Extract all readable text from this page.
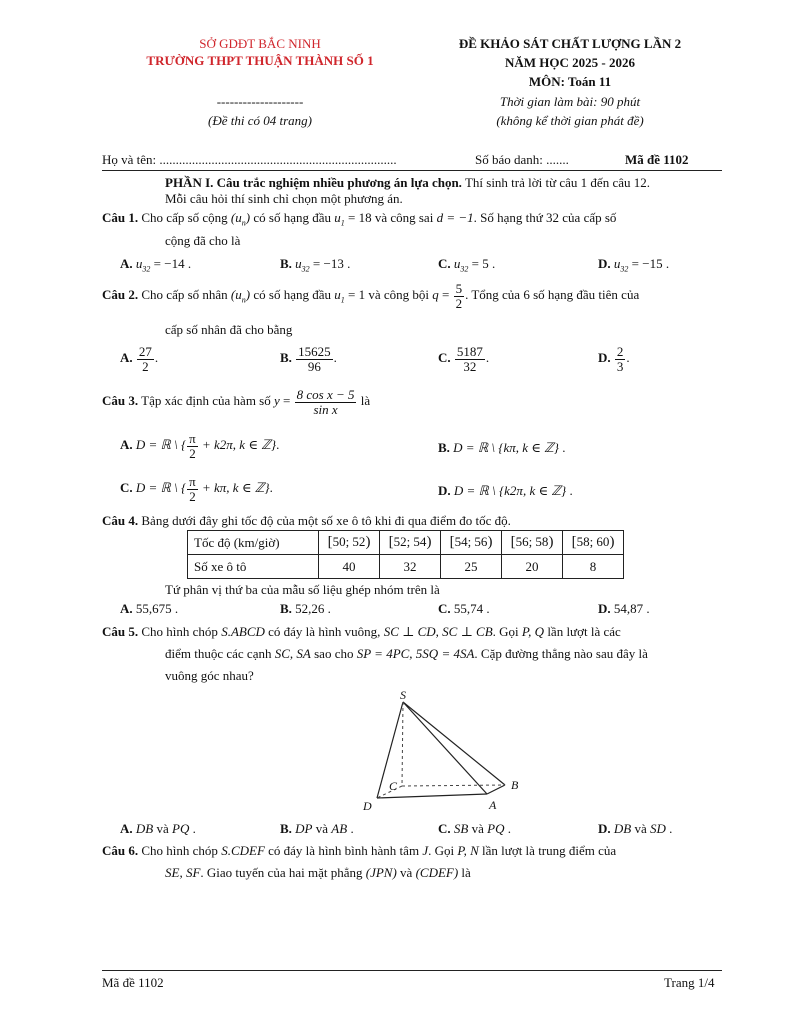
SỞ GDĐT BẮC NINH
TRƯỜNG THPT THUẬN THÀNH SỐ 1
--------------------
(Đề thi có 04 trang)
ĐỀ KHẢO SÁT CHẤT LƯỢNG LẦN 2
NĂM HỌC 2025 - 2026
MÔN: Toán 11
Thời gian làm bài: 90 phút
(không kể thời gian phát đề)
Họ và tên: .........................................................................	Số báo danh: .......	Mã đề 1102
PHẦN I. Câu trắc nghiệm nhiều phương án lựa chọn. Thí sinh trả lời từ câu 1 đến câu 12.
Mỗi câu hỏi thí sinh chỉ chọn một phương án.
Câu 1. Cho cấp số cộng $(u_n)$ có số hạng đầu $u_1 = 18$ và công sai d = −1. Số hạng thứ 32 của cấp số
cộng đã cho là
A. $u_{32} = -14$ .	B. $u_{32} = -13$ .	C. $u_{32} = 5$ .	D. $u_{32} = -15$ .
Câu 2. Cho cấp số nhân $(u_n)$ có số hạng đầu $u_1 = 1$ và công bội $q = \frac{5}{2}$ . Tổng của 6 số hạng đầu tiên của
cấp số nhân đã cho bằng
A. $\frac{27}{2}$ .	B. $\frac{15625}{96}$ .	C. $\frac{5187}{32}$ .	D. $\frac{2}{3}$ .
Câu 3. Tập xác định của hàm số $y = \frac{\text{8 cos x − 5}}{\text{sin x}}$ là
A. D = ℝ \ { $\frac{\pi}{2} + k2\pi$, k ∈ ℤ}.	B. D = ℝ \ {kπ, k ∈ ℤ} .
C. D = ℝ \ { $\frac{\pi}{2} + k\pi$, k ∈ ℤ}.	D. D = ℝ \ {k2π, k ∈ ℤ} .
Câu 4. Bảng dưới đây ghi tốc độ của một số xe ô tô khi đi qua điểm đo tốc độ.
Tốc độ (km/giờ)	[50; 52)	[52; 54)	[54; 56)	[56; 58)	[58; 60)
Số xe ô tô	40	32	25	20	8
Tứ phân vị thứ ba của mẫu số liệu ghép nhóm trên là
A. 55,675 .	B. 52,26 .	C. 55,74 .	D. 54,87 .
Câu 5. Cho hình chóp S.ABCD có đáy là hình vuông, SC ⊥ CD, SC ⊥ CB. Gọi P, Q lần lượt là các
điểm thuộc các cạnh SC, SA sao cho SP = 4PC, 5SQ = 4SA. Cặp đường thẳng nào sau đây là
vuông góc nhau?
S
A
B
C
D
A. DB và PQ .	B. DP và AB .	C. SB và PQ .	D. DB và SD .
Câu 6. Cho hình chóp S.CDEF có đáy là hình bình hành tâm J. Gọi P, N lần lượt là trung điểm của
SE, SF. Giao tuyến của hai mặt phẳng (JPN) và (CDEF) là
Mã đề 1102	Trang 1/4
